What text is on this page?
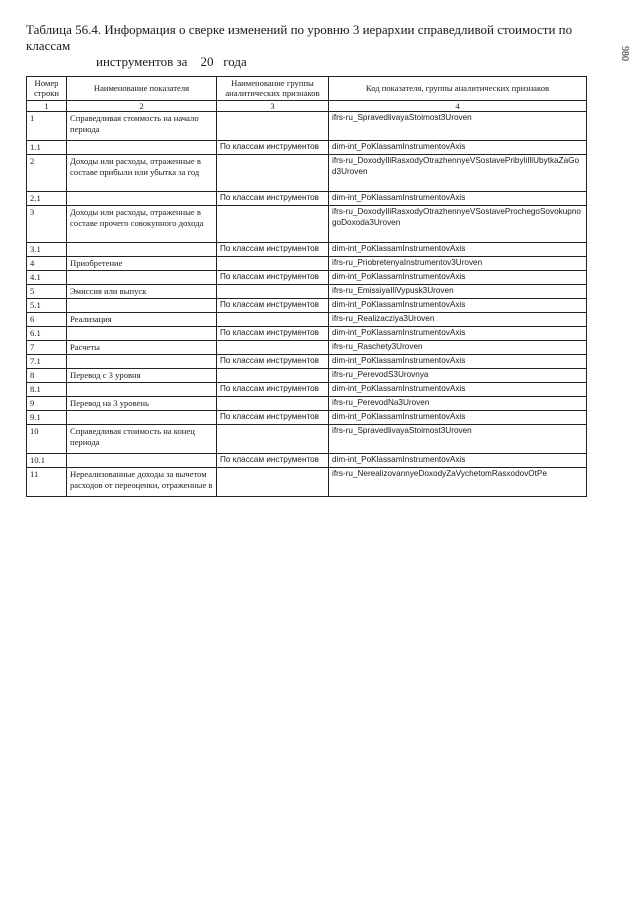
980
Таблица 56.4. Информация о сверке изменений по уровню 3 иерархии справедливой стоимости по классам
инструментов за 20 года
Номер строки	Наименование показателя	Наименование группы аналитических признаков	Код показателя, группы аналитических признаков
1	2	3	4
1	Справедливая стоимость на начало периода		ifrs-ru_SpravedlivayaStoimost3Uroven
1.1		По классам инструментов	dim-int_PoKlassamInstrumentovAxis
2	Доходы или расходы, отраженные в составе прибыли или убытка за год		ifrs-ru_DoxodyIliRasxodyOtrazhennyeVSostavePribyliIliUbytkaZaGod3Uroven
2.1		По классам инструментов	dim-int_PoKlassamInstrumentovAxis
3	Доходы или расходы, отраженные в составе прочего совокупного дохода		ifrs-ru_DoxodyIliRasxodyOtrazhennyeVSostaveProchegoSovokupnogoDoxoda3Uroven
3.1		По классам инструментов	dim-int_PoKlassamInstrumentovAxis
4	Приобретение		ifrs-ru_PriobretenyaInstrumentov3Uroven
4.1		По классам инструментов	dim-int_PoKlassamInstrumentovAxis
5	Эмиссия или выпуск		ifrs-ru_EmissiyaIliVypusk3Uroven
5.1		По классам инструментов	dim-int_PoKlassamInstrumentovAxis
6	Реализация		ifrs-ru_Realizacziya3Uroven
6.1		По классам инструментов	dim-int_PoKlassamInstrumentovAxis
7	Расчеты		ifrs-ru_Raschety3Uroven
7.1		По классам инструментов	dim-int_PoKlassamInstrumentovAxis
8	Перевод с 3 уровня		ifrs-ru_PerevodS3Urovnya
8.1		По классам инструментов	dim-int_PoKlassamInstrumentovAxis
9	Перевод на 3 уровень		ifrs-ru_PerevodNa3Uroven
9.1		По классам инструментов	dim-int_PoKlassamInstrumentovAxis
10	Справедливая стоимость на конец периода		ifrs-ru_SpravedlivayaStoimost3Uroven
10.1		По классам инструментов	dim-int_PoKlassamInstrumentovAxis
11	Нереализованные доходы за вычетом расходов от переоценки, отраженные в		ifrs-ru_NerealizovannyeDoxodyZaVychetomRasxodovOtPe
